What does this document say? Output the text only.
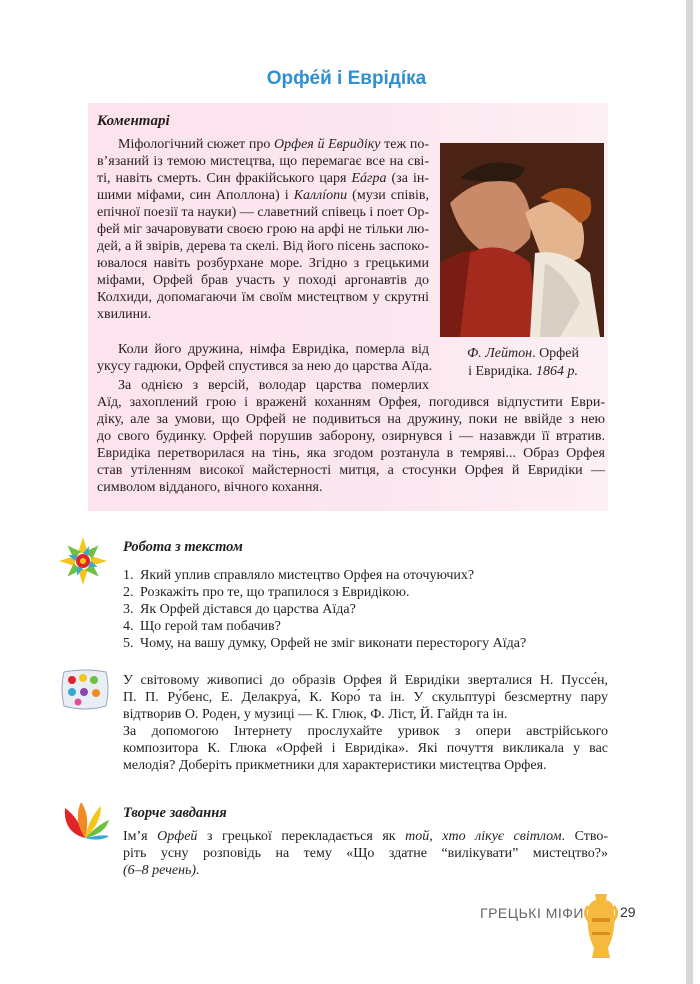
Орфе́й і Еврідíка
Коментарі
Міфологічний сюжет про Орфея й Евридіку теж по-
в’язаний із темою мистецтва, що перемагає все на сві-
ті, навіть смерть. Син фракійського царя Еáгра (за ін-
шими міфами, син Аполлона) і Каллíопи (музи співів,
епічної поезії та науки) — славетний співець і поет Ор-
фей міг зачаровувати своєю грою на арфі не тільки лю-
дей, а й звірів, дерева та скелі. Від його пісень заспоко-
ювалося навіть розбурхане море. Згідно з грецькими
міфами, Орфей брав участь у поході аргонавтів до
Колхиди, допомагаючи їм своїм мистецтвом у скрутні
хвилини.
Коли його дружина, німфа Евридіка, померла від
укусу гадюки, Орфей спустився за нею до царства Аїда.
За однією з версій, володар царства померлих
Аїд, захоплений грою і враженй коханням Орфея, погодився відпустити Еври-
діку, але за умови, що Орфей не подивиться на дружину, поки не ввійде з нею
до свого будинку. Орфей порушив заборону, озирнувся і — назавжди її втратив.
Евридіка перетворилася на тінь, яка згодом розтанула в темряві... Образ Орфея
став утіленням високої майстерності митця, а стосунки Орфея й Евридіки —
символом відданого, вічного кохання.
Ф. Лейтон. Орфей
і Евридіка. 1864 р.
Робота з текстом
1. Який уплив справляло мистецтво Орфея на оточуючих?
2. Розкажіть про те, що трапилося з Евридікою.
3. Як Орфей дістався до царства Аїда?
4. Що герой там побачив?
5. Чому, на вашу думку, Орфей не зміг виконати пересторогу Аїда?
У світовому живописі до образів Орфея й Евридіки зверталися Н. Пуссе́н,
П. П. Ру́бенс, Е. Делакруа́, К. Коро́ та ін. У скульптурі безсмертну пару
відтворив О. Роден, у музиці — К. Глюк, Ф. Ліст, Й. Гайдн та ін.
За допомогою Інтернету прослухайте уривок з опери австрійського
композитора К. Глюка «Орфей і Евридіка». Які почуття викликала у вас
мелодія? Доберіть прикметники для характеристики мистецтва Орфея.
Творче завдання
Ім’я Орфей з грецької перекладається як той, хто лікує світлом. Ство-
ріть усну розповідь на тему «Що здатне “вилікувати” мистецтво?»
(6–8 речень).
ГРЕЦЬКІ МІФИ	29
